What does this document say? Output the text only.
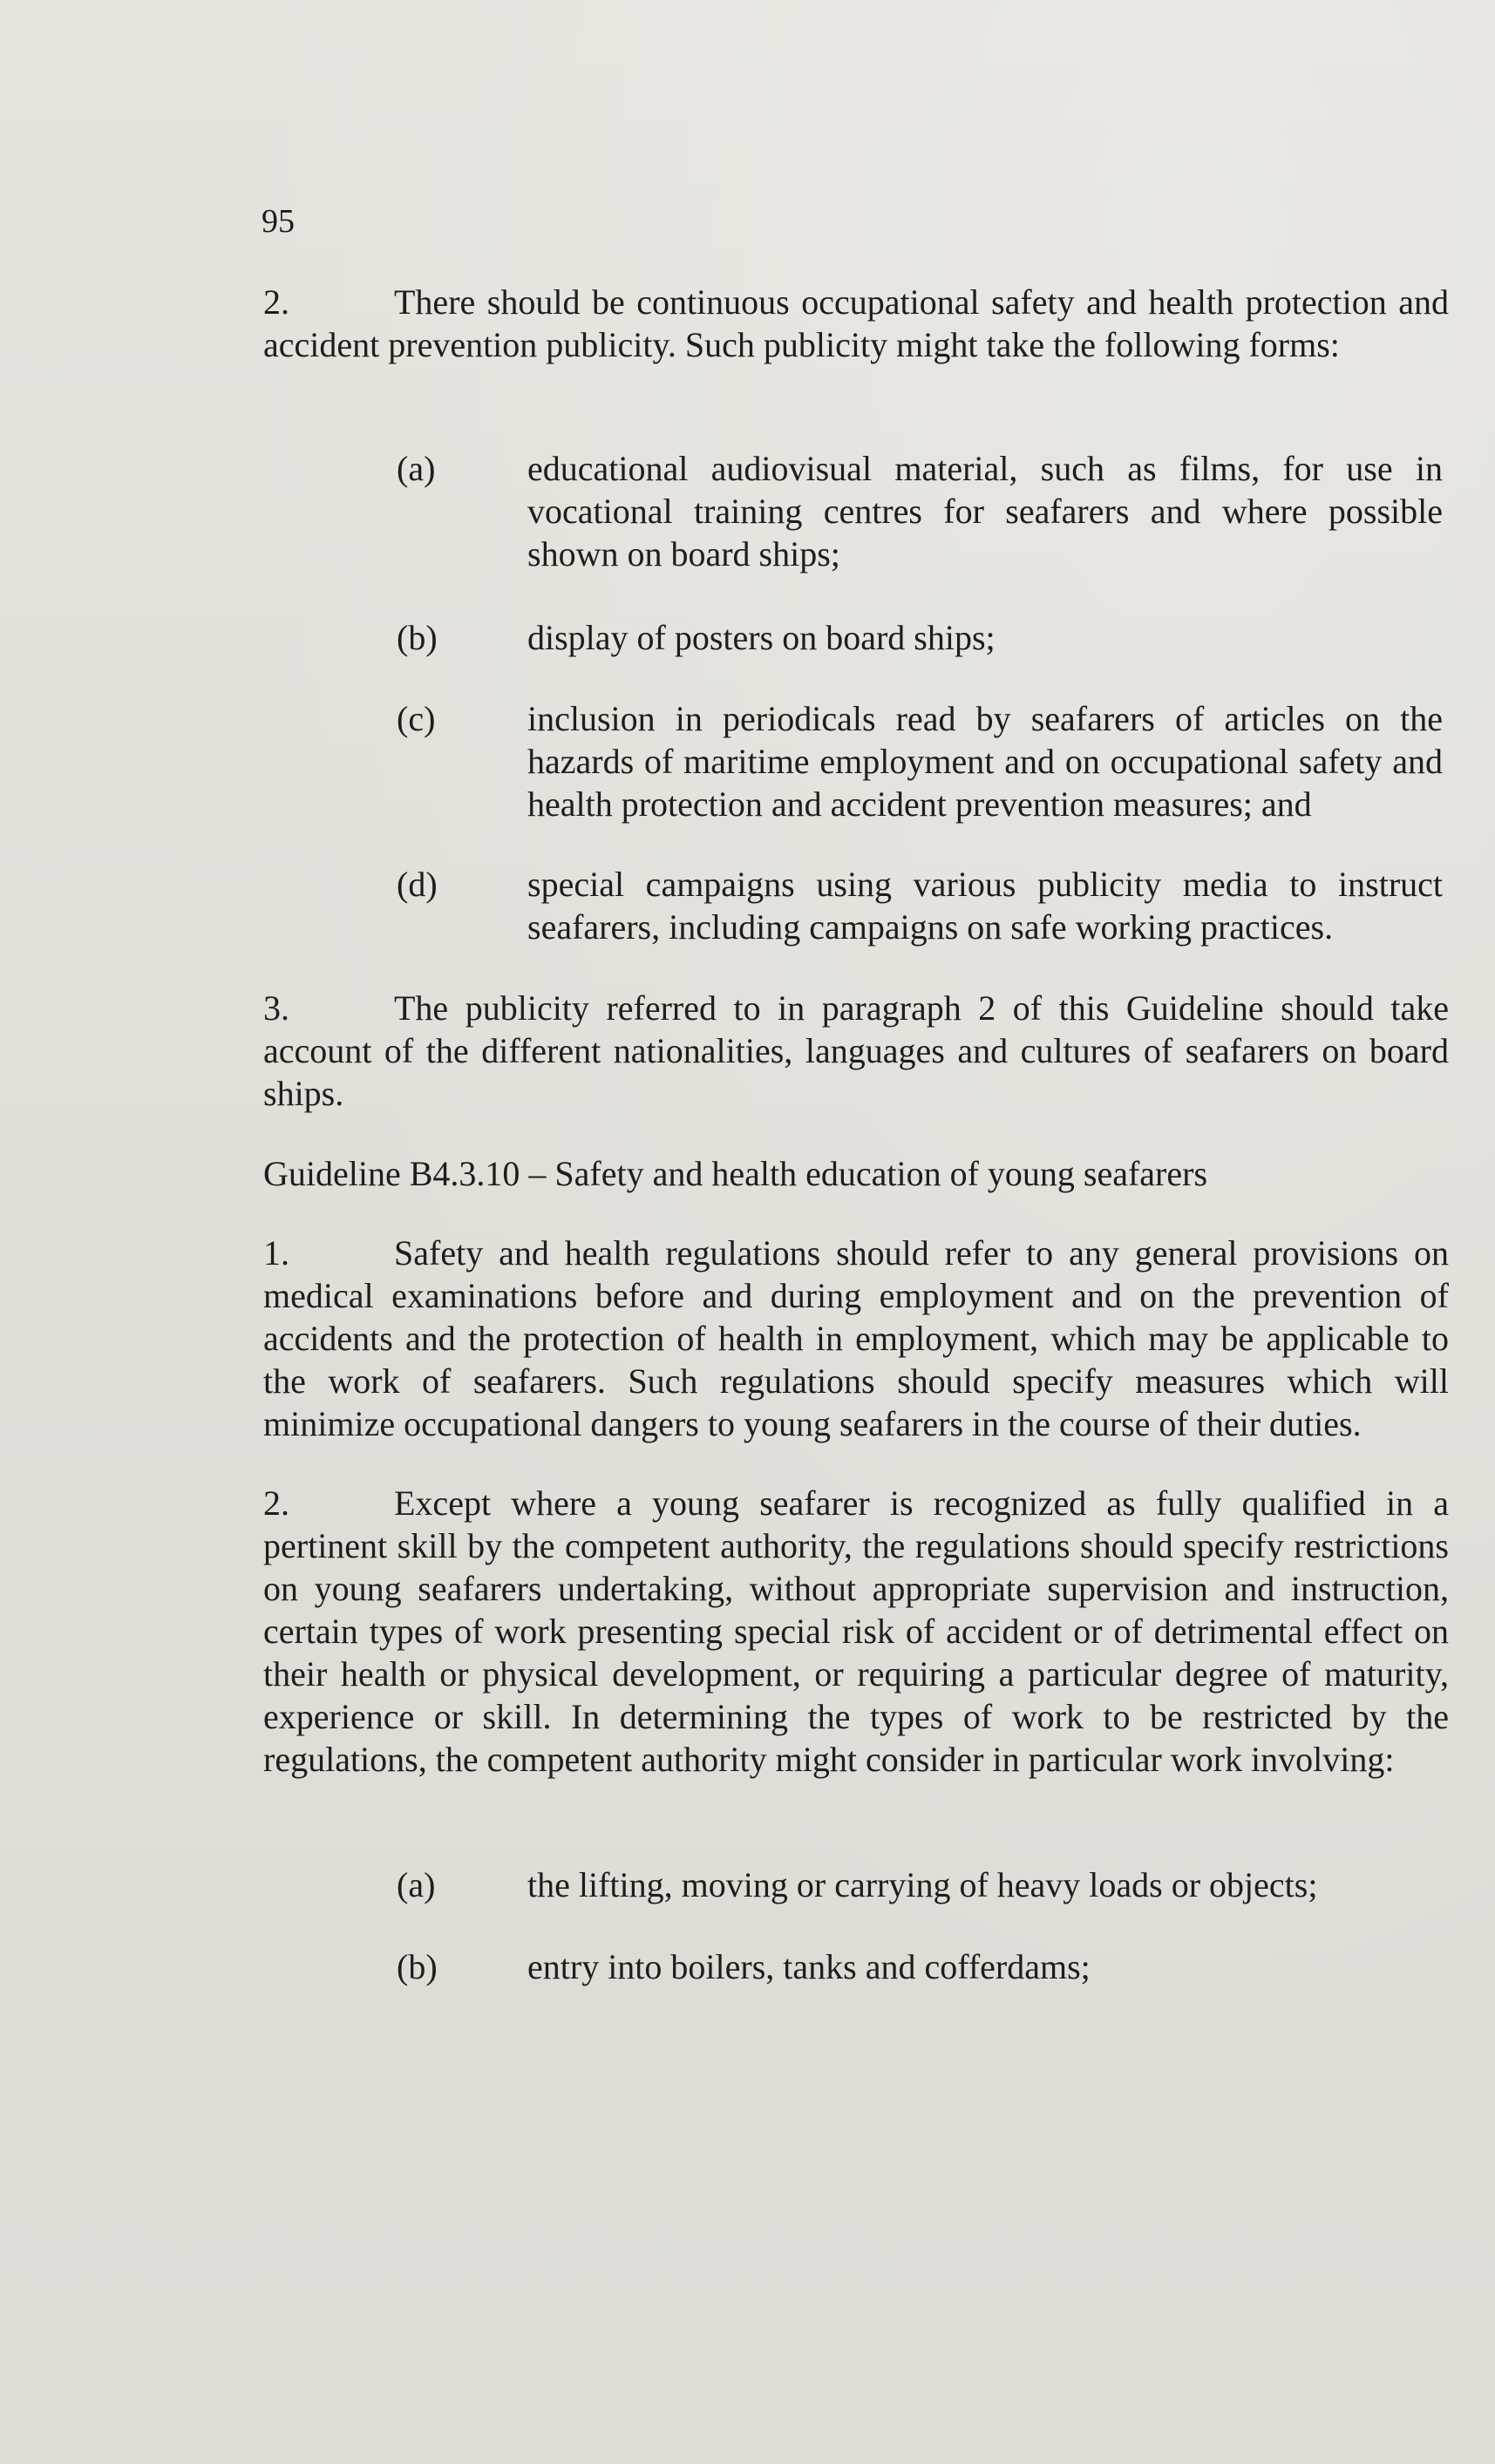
95
2.	There should be continuous occupational safety and health protection and accident prevention publicity. Such publicity might take the following forms:
(a)	educational audiovisual material, such as films, for use in vocational training centres for seafarers and where possible shown on board ships;
(b)	display of posters on board ships;
(c)	inclusion in periodicals read by seafarers of articles on the hazards of maritime employment and on occupational safety and health protection and accident prevention measures; and
(d)	special campaigns using various publicity media to instruct seafarers, including campaigns on safe working practices.
3.	The publicity referred to in paragraph 2 of this Guideline should take account of the different nationalities, languages and cultures of seafarers on board ships.
Guideline B4.3.10 – Safety and health education of young seafarers
1.	Safety and health regulations should refer to any general provisions on medical examinations before and during employment and on the prevention of accidents and the protection of health in employment, which may be applicable to the work of seafarers. Such regulations should specify measures which will minimize occupational dangers to young seafarers in the course of their duties.
2.	Except where a young seafarer is recognized as fully qualified in a pertinent skill by the competent authority, the regulations should specify restrictions on young seafarers undertaking, without appropriate supervision and instruction, certain types of work presenting special risk of accident or of detrimental effect on their health or physical development, or requiring a particular degree of maturity, experience or skill. In determining the types of work to be restricted by the regulations, the competent authority might consider in particular work involving:
(a)	the lifting, moving or carrying of heavy loads or objects;
(b)	entry into boilers, tanks and cofferdams;
